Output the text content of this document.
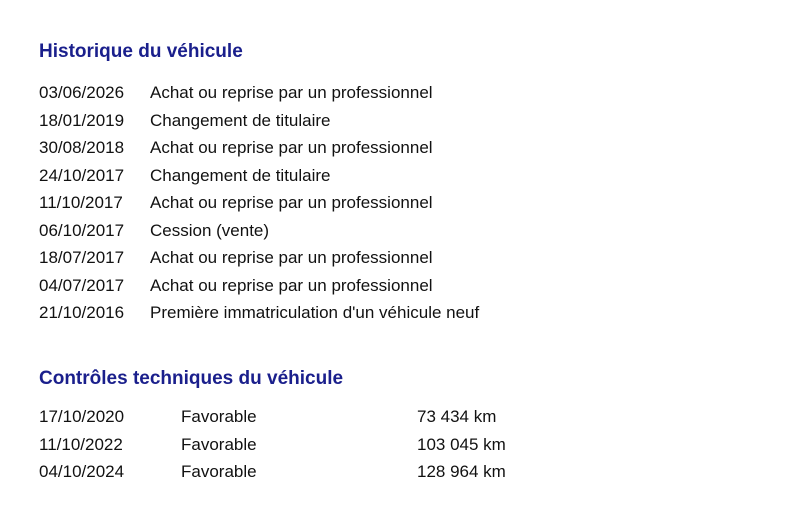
Historique du véhicule
03/06/2026 Achat ou reprise par un professionnel
18/01/2019 Changement de titulaire
30/08/2018 Achat ou reprise par un professionnel
24/10/2017 Changement de titulaire
11/10/2017 Achat ou reprise par un professionnel
06/10/2017 Cession (vente)
18/07/2017 Achat ou reprise par un professionnel
04/07/2017 Achat ou reprise par un professionnel
21/10/2016 Première immatriculation d'un véhicule neuf
Contrôles techniques du véhicule
17/10/2020	Favorable	73 434 km
11/10/2022	Favorable	103 045 km
04/10/2024	Favorable	128 964 km
